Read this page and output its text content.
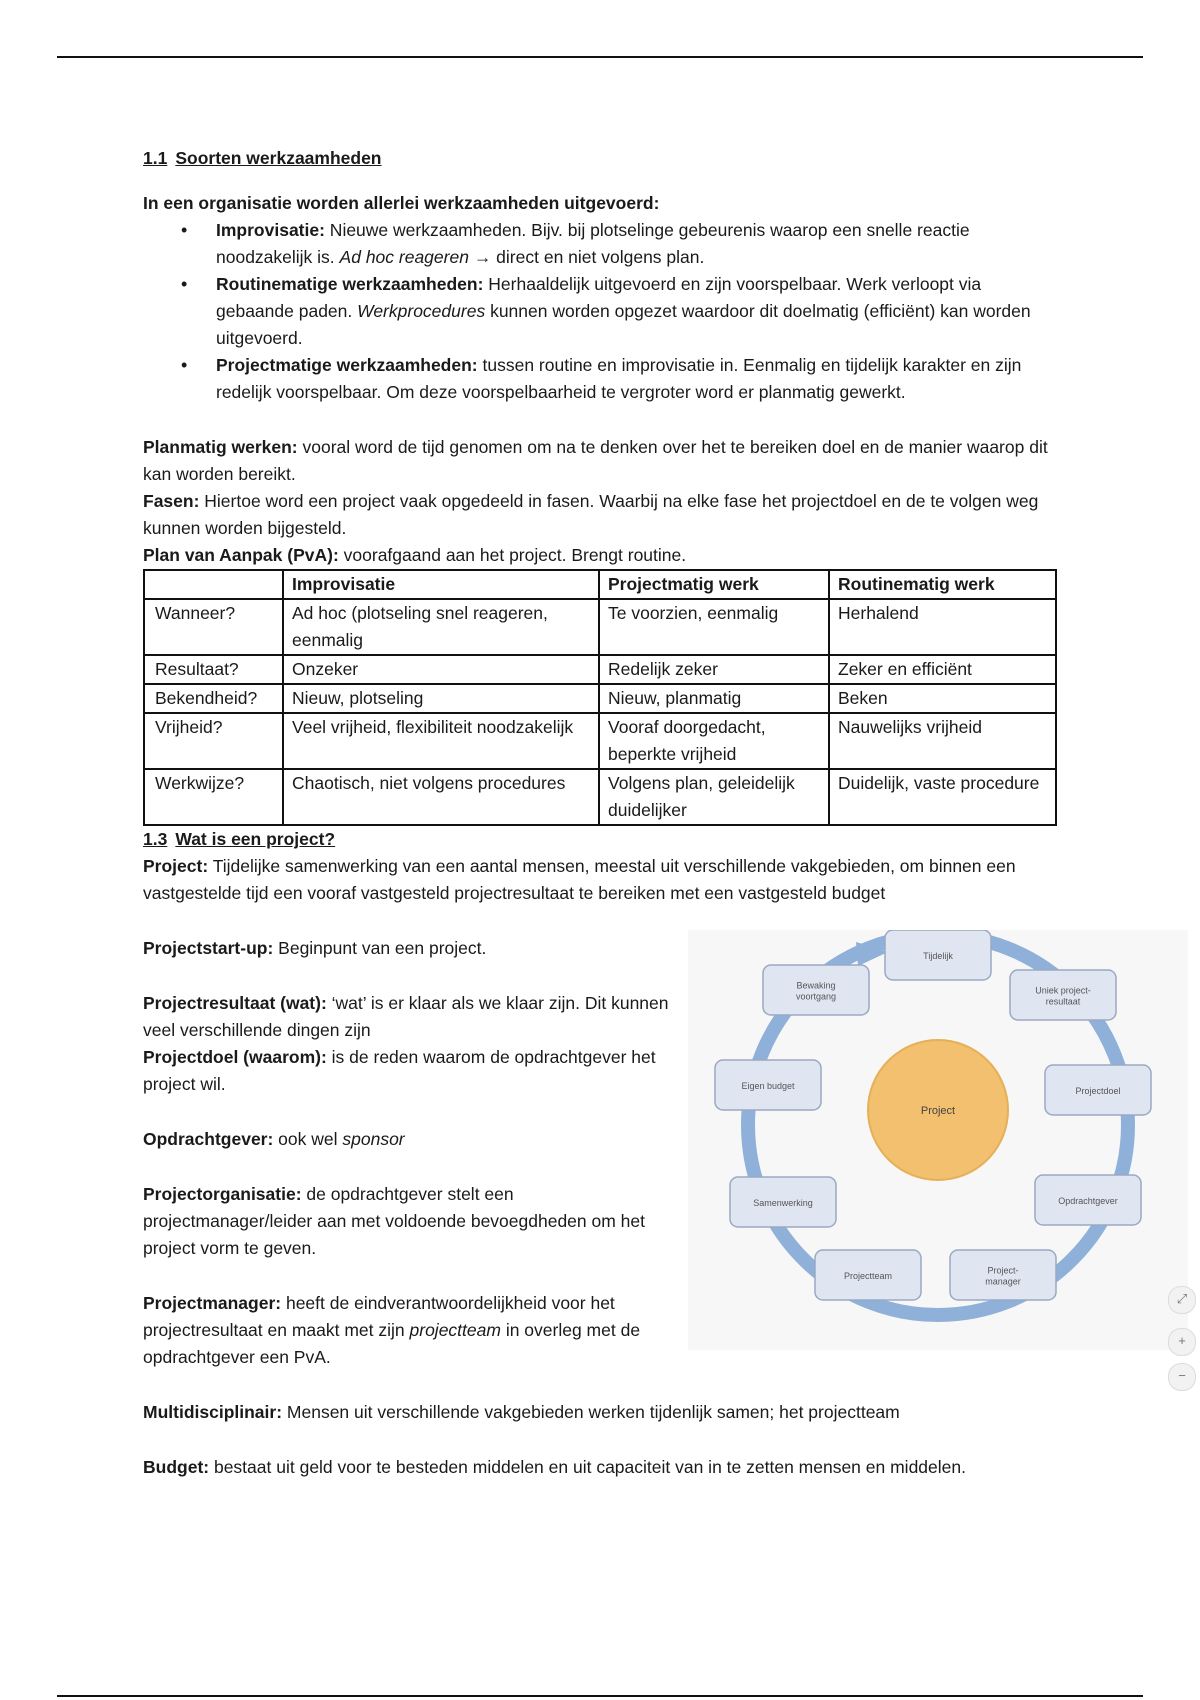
1.1 Soorten werkzaamheden

In een organisatie worden allerlei werkzaamheden uitgevoerd:

• Improvisatie: Nieuwe werkzaamheden. Bijv. bij plotselinge gebeurenis waarop een snelle reactie noodzakelijk is. Ad hoc reageren → direct en niet volgens plan.
• Routinematige werkzaamheden: Herhaaldelijk uitgevoerd en zijn voorspelbaar. Werk verloopt via gebaande paden. Werkprocedures kunnen worden opgezet waardoor dit doelmatig (efficiënt) kan worden uitgevoerd.
• Projectmatige werkzaamheden: tussen routine en improvisatie in. Eenmalig en tijdelijk karakter en zijn redelijk voorspelbaar. Om deze voorspelbaarheid te vergroter word er planmatig gewerkt.

Planmatig werken: vooral word de tijd genomen om na te denken over het te bereiken doel en de manier waarop dit kan worden bereikt.

Fasen: Hiertoe word een project vaak opgedeeld in fasen. Waarbij na elke fase het projectdoel en de te volgen weg kunnen worden bijgesteld.

Plan van Aanpak (PvA): voorafgaand aan het project. Brengt routine.

	Improvisatie	Projectmatig werk	Routinematig werk
Wanneer?	Ad hoc (plotseling snel reageren, eenmalig	Te voorzien, eenmalig	Herhalend
Resultaat?	Onzeker	Redelijk zeker	Zeker en efficiënt
Bekendheid?	Nieuw, plotseling	Nieuw, planmatig	Beken
Vrijheid?	Veel vrijheid, flexibiliteit noodzakelijk	Vooraf doorgedacht, beperkte vrijheid	Nauwelijks vrijheid
Werkwijze?	Chaotisch, niet volgens procedures	Volgens plan, geleidelijk duidelijker	Duidelijk, vaste procedure

1.3 Wat is een project?

Project: Tijdelijke samenwerking van een aantal mensen, meestal uit verschillende vakgebieden, om binnen een vastgestelde tijd een vooraf vastgesteld projectresultaat te bereiken met een vastgesteld budget

Projectstart-up: Beginpunt van een project.

Projectresultaat (wat): ‘wat’ is er klaar als we klaar zijn. Dit kunnen veel verschillende dingen zijn

Projectdoel (waarom): is de reden waarom de opdrachtgever het project wil.

Opdrachtgever: ook wel sponsor

Projectorganisatie: de opdrachtgever stelt een projectmanager/leider aan met voldoende bevoegdheden om het project vorm te geven.

Projectmanager: heeft de eindverantwoordelijkheid voor het projectresultaat en maakt met zijn projectteam in overleg met de opdrachtgever een PvA.

Project
Tijdelijk
Uniek project-
resultaat
Projectdoel
Opdrachtgever
Project-
manager
Projectteam
Samenwerking
Eigen budget
Bewaking
voortgang

Multidisciplinair: Mensen uit verschillende vakgebieden werken tijdenlijk samen; het projectteam

Budget: bestaat uit geld voor te besteden middelen en uit capaciteit van in te zetten mensen en middelen.

⤢
+
−
